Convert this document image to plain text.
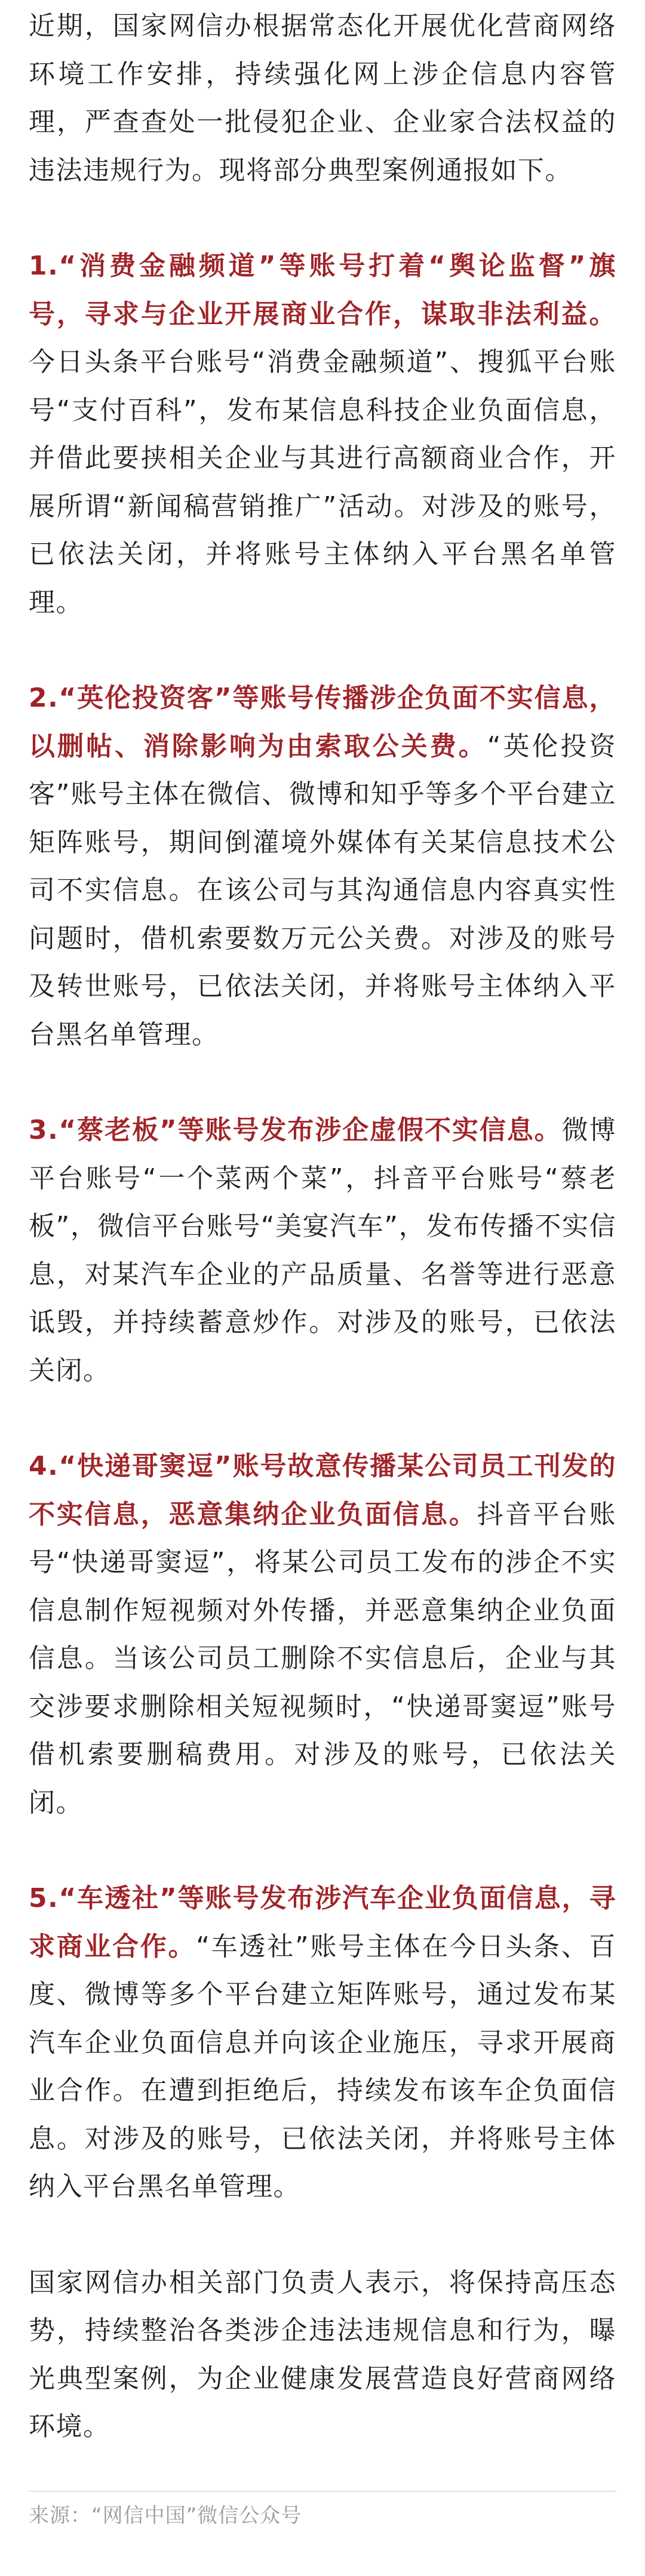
近期，国家网信办根据常态化开展优化营商网络环境工作安排，持续强化网上涉企信息内容管理，严查查处一批侵犯企业、企业家合法权益的违法违规行为。现将部分典型案例通报如下。

1.“消费金融频道”等账号打着“舆论监督”旗号，寻求与企业开展商业合作，谋取非法利益。今日头条平台账号“消费金融频道”、搜狐平台账号“支付百科”，发布某信息科技企业负面信息，并借此要挟相关企业与其进行高额商业合作，开展所谓“新闻稿营销推广”活动。对涉及的账号，已依法关闭，并将账号主体纳入平台黑名单管理。

2.“英伦投资客”等账号传播涉企负面不实信息，以删帖、消除影响为由索取公关费。“英伦投资客”账号主体在微信、微博和知乎等多个平台建立矩阵账号，期间倒灌境外媒体有关某信息技术公司不实信息。在该公司与其沟通信息内容真实性问题时，借机索要数万元公关费。对涉及的账号及转世账号，已依法关闭，并将账号主体纳入平台黑名单管理。

3.“蔡老板”等账号发布涉企虚假不实信息。微博平台账号“一个菜两个菜”，抖音平台账号“蔡老板”，微信平台账号“美宴汽车”，发布传播不实信息，对某汽车企业的产品质量、名誉等进行恶意诋毁，并持续蓄意炒作。对涉及的账号，已依法关闭。

4.“快递哥窦逗”账号故意传播某公司员工刊发的不实信息，恶意集纳企业负面信息。抖音平台账号“快递哥窦逗”，将某公司员工发布的涉企不实信息制作短视频对外传播，并恶意集纳企业负面信息。当该公司员工删除不实信息后，企业与其交涉要求删除相关短视频时，“快递哥窦逗”账号借机索要删稿费用。对涉及的账号，已依法关闭。

5.“车透社”等账号发布涉汽车企业负面信息，寻求商业合作。“车透社”账号主体在今日头条、百度、微博等多个平台建立矩阵账号，通过发布某汽车企业负面信息并向该企业施压，寻求开展商业合作。在遭到拒绝后，持续发布该车企负面信息。对涉及的账号，已依法关闭，并将账号主体纳入平台黑名单管理。

国家网信办相关部门负责人表示，将保持高压态势，持续整治各类涉企违法违规信息和行为，曝光典型案例，为企业健康发展营造良好营商网络环境。

来源：“网信中国”微信公众号
